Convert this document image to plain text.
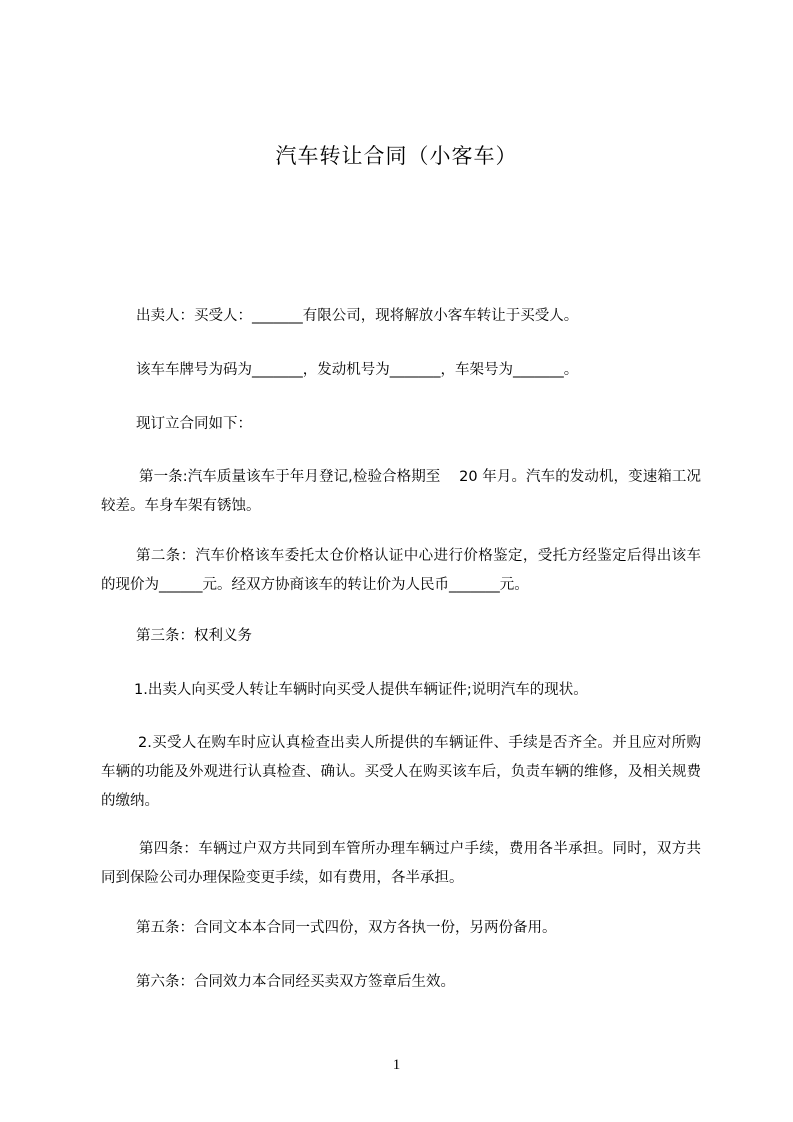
汽车转让合同（小客车）

出卖人：买受人：_______有限公司，现将解放小客车转让于买受人。

该车车牌号为码为_______，发动机号为_______，车架号为_______。

现订立合同如下：

第一条:汽车质量该车于年月登记,检验合格期至    20 年月。汽车的发动机，变速箱工况较差。车身车架有锈蚀。

第二条：汽车价格该车委托太仓价格认证中心进行价格鉴定，受托方经鉴定后得出该车的现价为______元。经双方协商该车的转让价为人民币_______元。

第三条：权利义务

1.出卖人向买受人转让车辆时向买受人提供车辆证件;说明汽车的现状。

2.买受人在购车时应认真检查出卖人所提供的车辆证件、手续是否齐全。并且应对所购车辆的功能及外观进行认真检查、确认。买受人在购买该车后，负责车辆的维修，及相关规费的缴纳。

第四条：车辆过户双方共同到车管所办理车辆过户手续，费用各半承担。同时，双方共同到保险公司办理保险变更手续，如有费用，各半承担。

第五条：合同文本本合同一式四份，双方各执一份，另两份备用。

第六条：合同效力本合同经买卖双方签章后生效。

1
